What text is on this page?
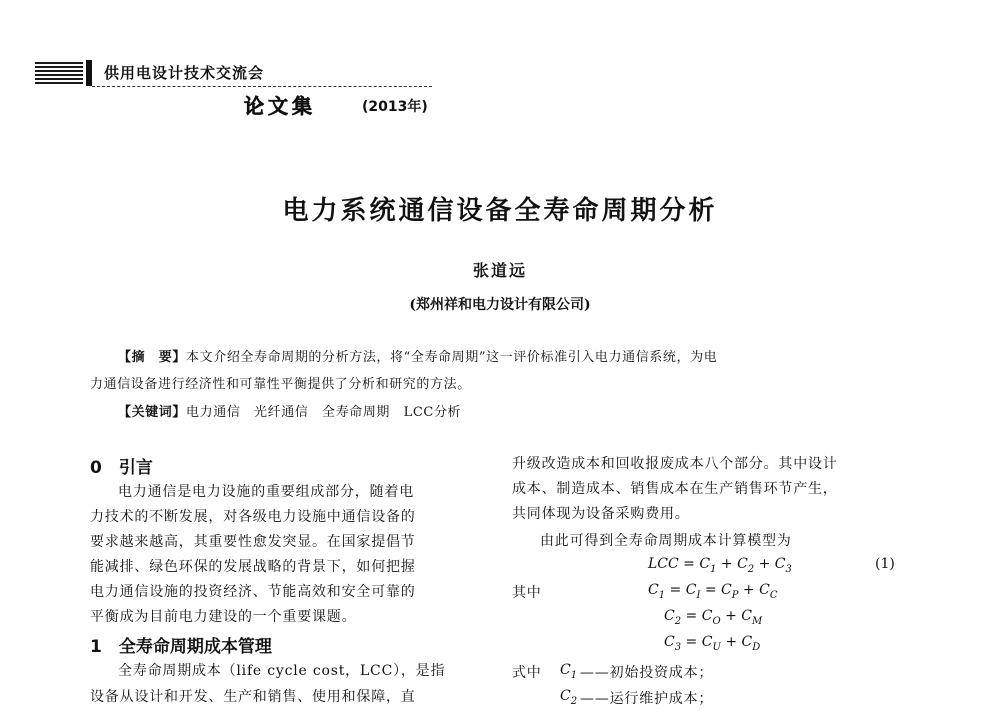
供用电设计技术交流会
论文集	(2013年)
电力系统通信设备全寿命周期分析
张道远
(郑州祥和电力设计有限公司)
【摘　要】本文介绍全寿命周期的分析方法，将“全寿命周期”这一评价标准引入电力通信系统，为电
力通信设备进行经济性和可靠性平衡提供了分析和研究的方法。
【关键词】电力通信　光纤通信　全寿命周期　LCC分析
0　引言
电力通信是电力设施的重要组成部分，随着电
力技术的不断发展，对各级电力设施中通信设备的
要求越来越高，其重要性愈发突显。在国家提倡节
能减排、绿色环保的发展战略的背景下，如何把握
电力通信设施的投资经济、节能高效和安全可靠的
平衡成为目前电力建设的一个重要课题。
1　全寿命周期成本管理
全寿命周期成本（life cycle cost，LCC），是指
设备从设计和开发、生产和销售、使用和保障，直
升级改造成本和回收报废成本八个部分。其中设计
成本、制造成本、销售成本在生产销售环节产生，
共同体现为设备采购费用。
由此可得到全寿命周期成本计算模型为
LCC = $C_1 + C_2 + C_3$	(1)
其中	$C_1 = C_I = C_P + C_C$
$C_2 = C_O + C_M$
$C_3 = C_U + C_D$
式中 $C_1$ ——初始投资成本；
$C_2$ ——运行维护成本；
